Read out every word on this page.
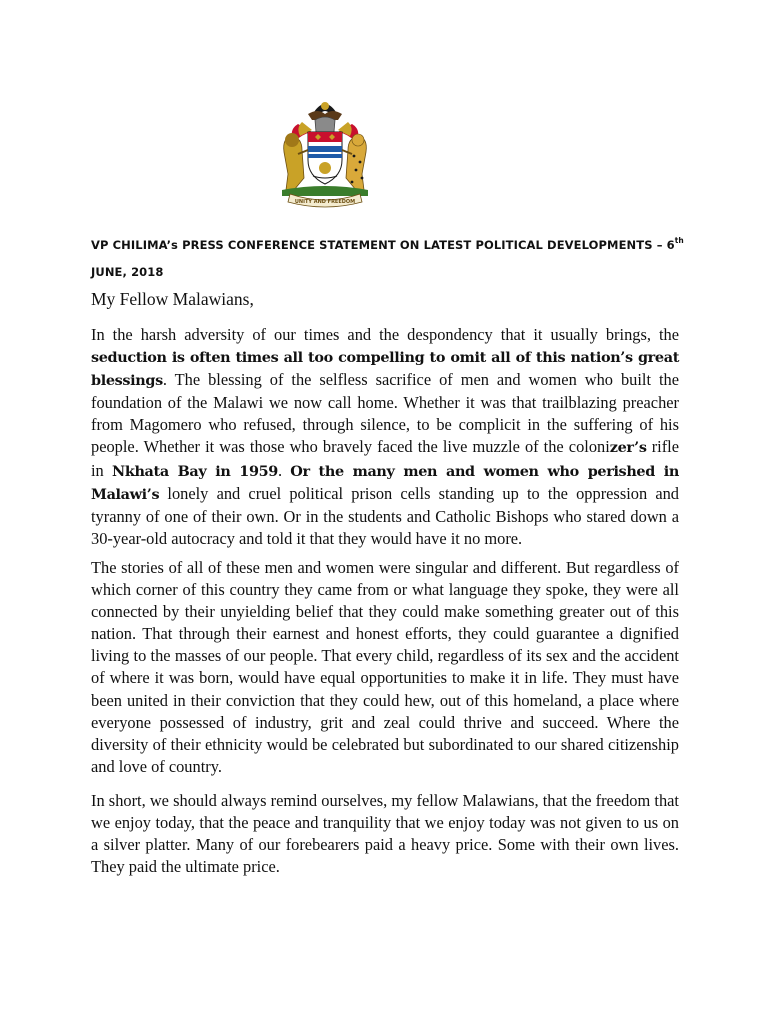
UNITY AND FREEDOM
VP CHILIMA’s PRESS CONFERENCE STATEMENT ON LATEST POLITICAL DEVELOPMENTS – 6th JUNE, 2018
My Fellow Malawians,

In the harsh adversity of our times and the despondency that it usually brings, the seduction is often times all too compelling to omit all of this nation’s great blessings. The blessing of the selfless sacrifice of men and women who built the foundation of the Malawi we now call home. Whether it was that trailblazing preacher from Magomero who refused, through silence, to be complicit in the suffering of his people. Whether it was those who bravely faced the live muzzle of the colonizer’s rifle in Nkhata Bay in 1959. Or the many men and women who perished in Malawi’s lonely and cruel political prison cells standing up to the oppression and tyranny of one of their own. Or in the students and Catholic Bishops who stared down a 30-year-old autocracy and told it that they would have it no more.

The stories of all of these men and women were singular and different. But regardless of which corner of this country they came from or what language they spoke, they were all connected by their unyielding belief that they could make something greater out of this nation. That through their earnest and honest efforts, they could guarantee a dignified living to the masses of our people. That every child, regardless of its sex and the accident of where it was born, would have equal opportunities to make it in life. They must have been united in their conviction that they could hew, out of this homeland, a place where everyone possessed of industry, grit and zeal could thrive and succeed. Where the diversity of their ethnicity would be celebrated but subordinated to our shared citizenship and love of country.

In short, we should always remind ourselves, my fellow Malawians, that the freedom that we enjoy today, that the peace and tranquility that we enjoy today was not given to us on a silver platter. Many of our forebearers paid a heavy price. Some with their own lives. They paid the ultimate price.
